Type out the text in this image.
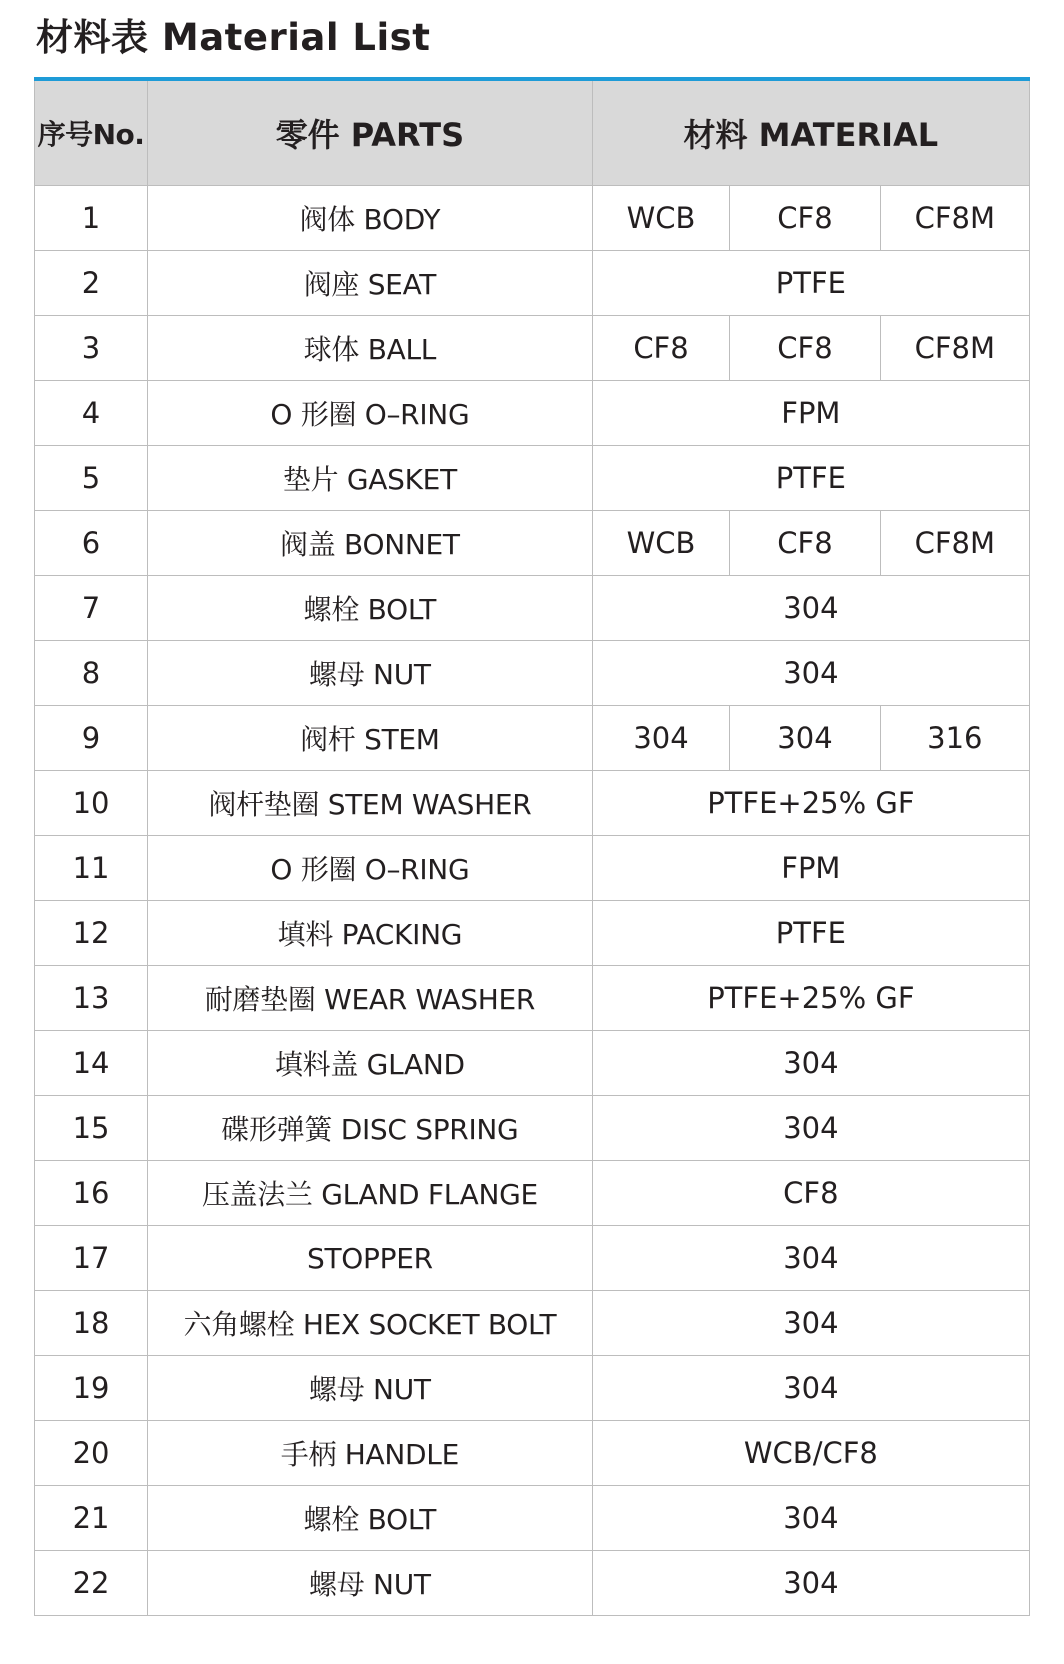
材料表 Material List
序号No.	零件 PARTS	材料 MATERIAL		
1	阀体 BODY	WCB	CF8	CF8M
2	阀座 SEAT	PTFE		
3	球体 BALL	CF8	CF8	CF8M
4	O 形圈 O–RING	FPM		
5	垫片 GASKET	PTFE		
6	阀盖 BONNET	WCB	CF8	CF8M
7	螺栓 BOLT	304		
8	螺母 NUT	304		
9	阀杆 STEM	304	304	316
10	阀杆垫圈 STEM WASHER	PTFE+25% GF		
11	O 形圈 O–RING	FPM		
12	填料 PACKING	PTFE		
13	耐磨垫圈 WEAR WASHER	PTFE+25% GF		
14	填料盖 GLAND	304		
15	碟形弹簧 DISC SPRING	304		
16	压盖法兰 GLAND FLANGE	CF8		
17	STOPPER	304		
18	六角螺栓 HEX SOCKET BOLT	304		
19	螺母 NUT	304		
20	手柄 HANDLE	WCB/CF8		
21	螺栓 BOLT	304		
22	螺母 NUT	304		
